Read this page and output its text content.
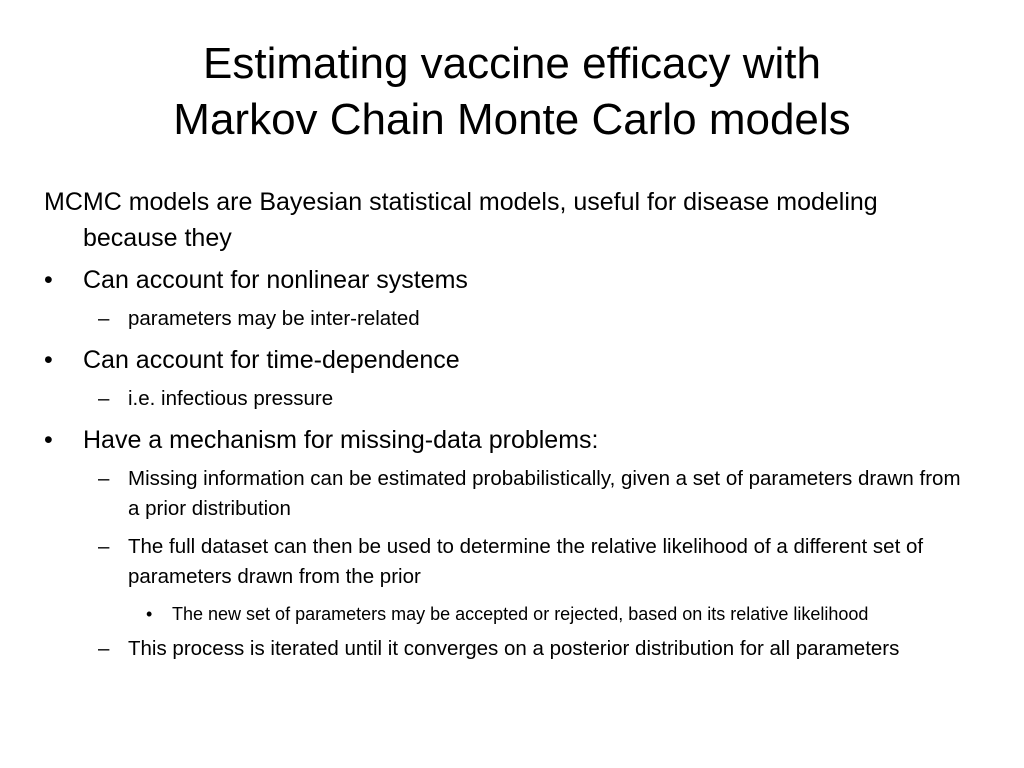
Estimating vaccine efficacy with
Markov Chain Monte Carlo models

MCMC models are Bayesian statistical models, useful for disease modeling because they

• Can account for nonlinear systems
– parameters may be inter-related
• Can account for time-dependence
– i.e. infectious pressure
• Have a mechanism for missing-data problems:
– Missing information can be estimated probabilistically, given a set of parameters drawn from a prior distribution
– The full dataset can then be used to determine the relative likelihood of a different set of parameters drawn from the prior
• The new set of parameters may be accepted or rejected, based on its relative likelihood
– This process is iterated until it converges on a posterior distribution for all parameters
